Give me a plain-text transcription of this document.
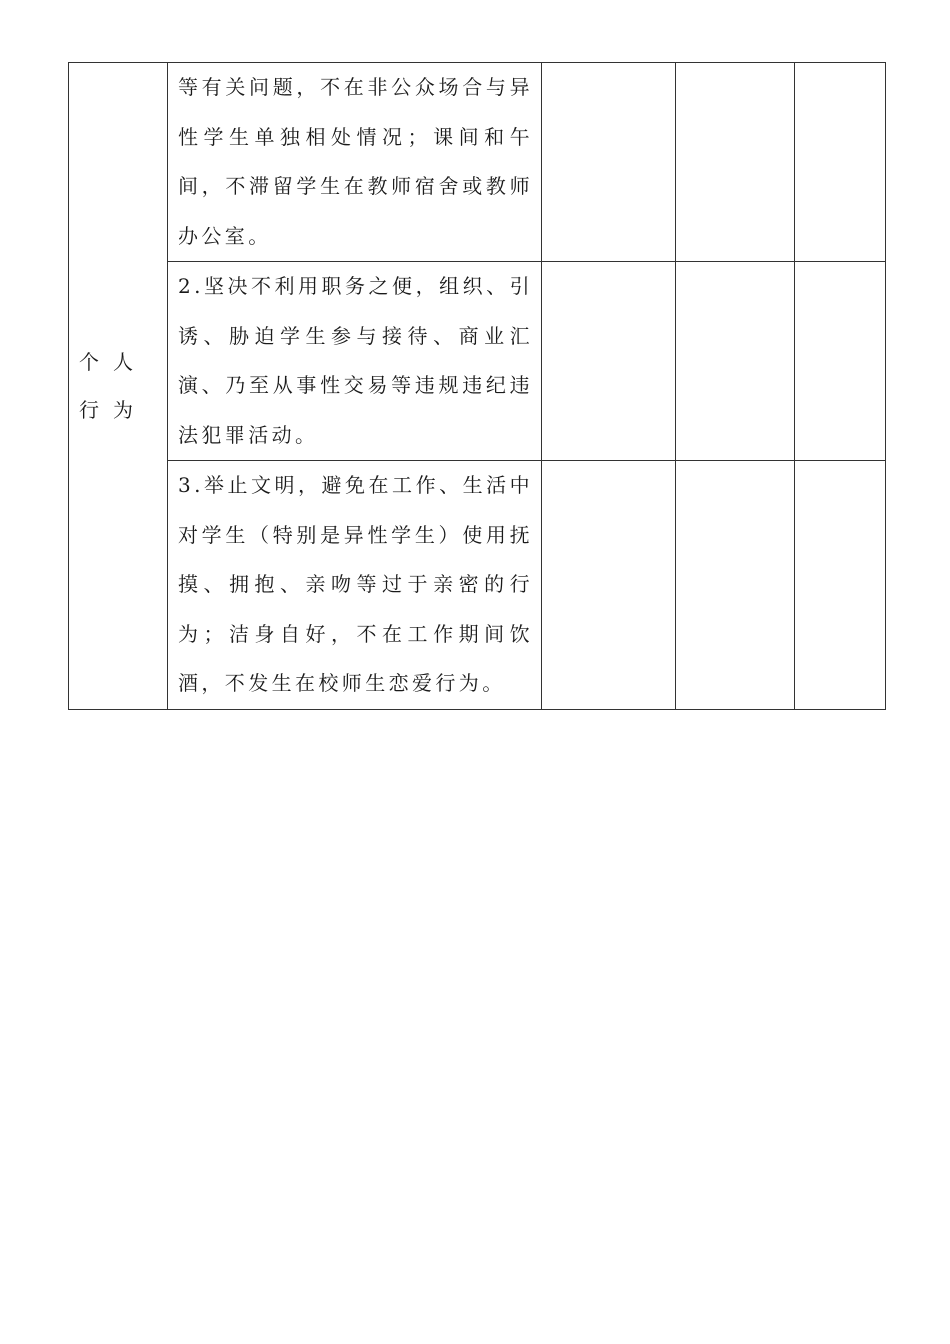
个人行为	等有关问题，不在非公众场合与异性学生单独相处情况；课间和午间，不滞留学生在教师宿舍或教师办公室。			

	2.坚决不利用职务之便，组织、引诱、胁迫学生参与接待、商业汇演、乃至从事性交易等违规违纪违法犯罪活动。			

	3.举止文明，避免在工作、生活中对学生（特别是异性学生）使用抚摸、拥抱、亲吻等过于亲密的行为；洁身自好，不在工作期间饮酒，不发生在校师生恋爱行为。			
